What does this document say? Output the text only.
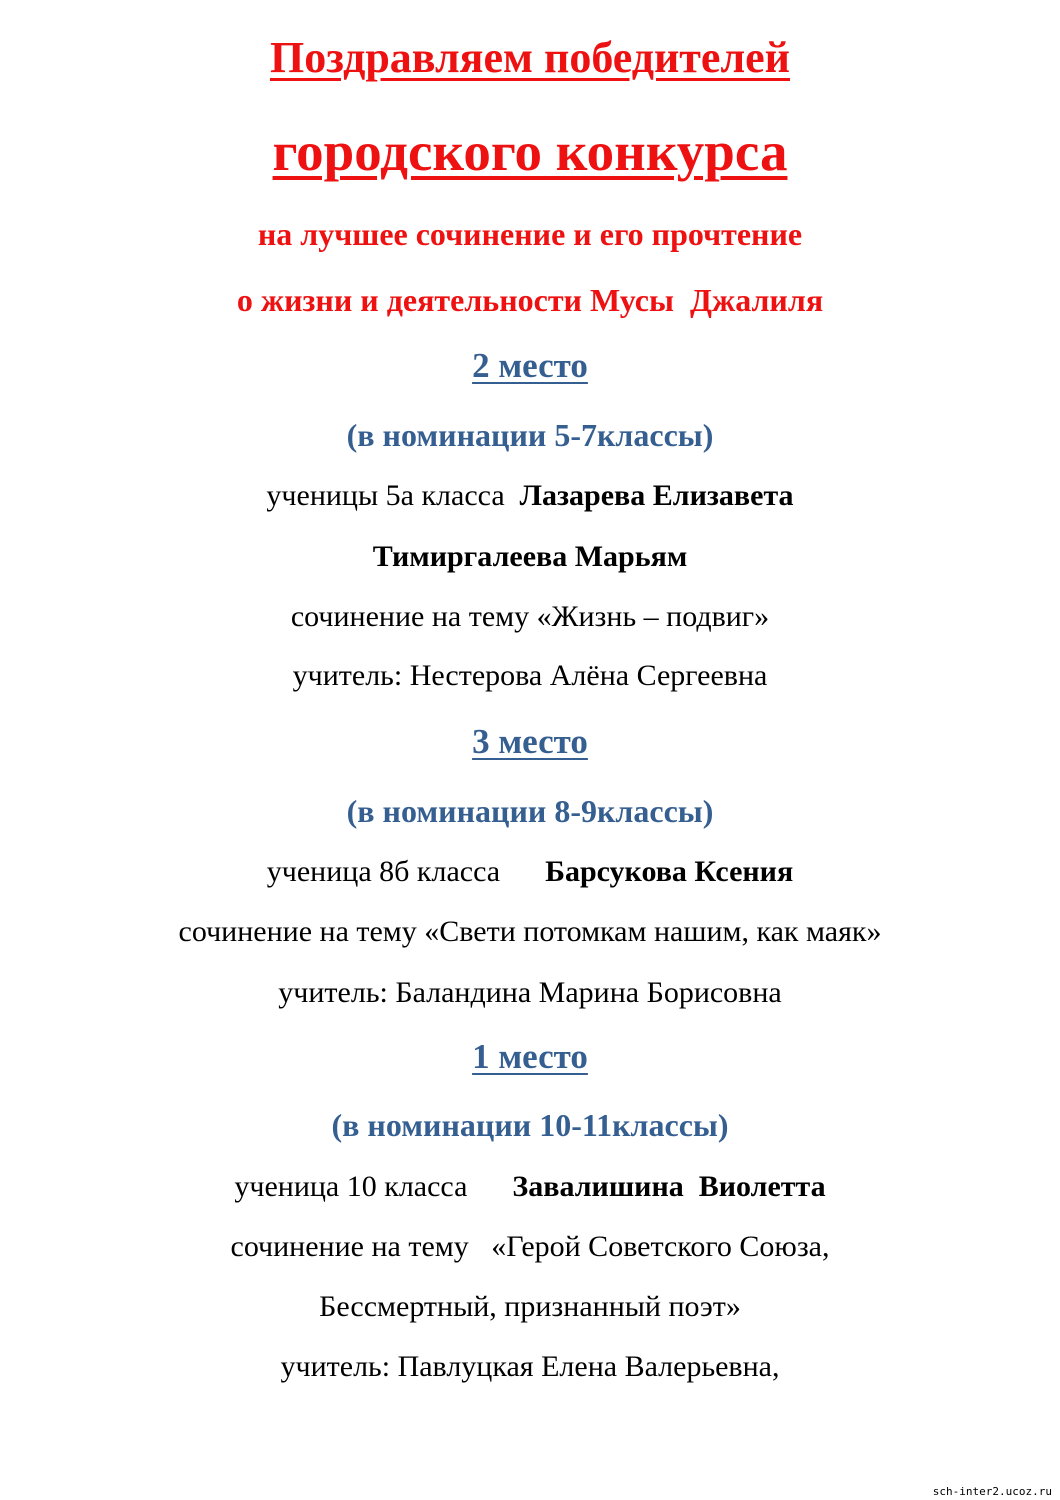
Поздравляем победителей
городского конкурса
на лучшее сочинение и его прочтение
о жизни и деятельности Мусы  Джалиля
2 место
(в номинации 5-7классы)
ученицы 5а класса  Лазарева Елизавета
Тимиргалеева Марьям
сочинение на тему «Жизнь – подвиг»
учитель: Нестерова Алёна Сергеевна
3 место
(в номинации 8-9классы)
ученица 8б класса      Барсукова Ксения
сочинение на тему «Свети потомкам нашим, как маяк»
учитель: Баландина Марина Борисовна
1 место
(в номинации 10-11классы)
ученица 10 класса      Завалишина  Виолетта
сочинение на тему   «Герой Советского Союза,
Бессмертный, признанный поэт»
учитель: Павлуцкая Елена Валерьевна,
sch-inter2.ucoz.ru
